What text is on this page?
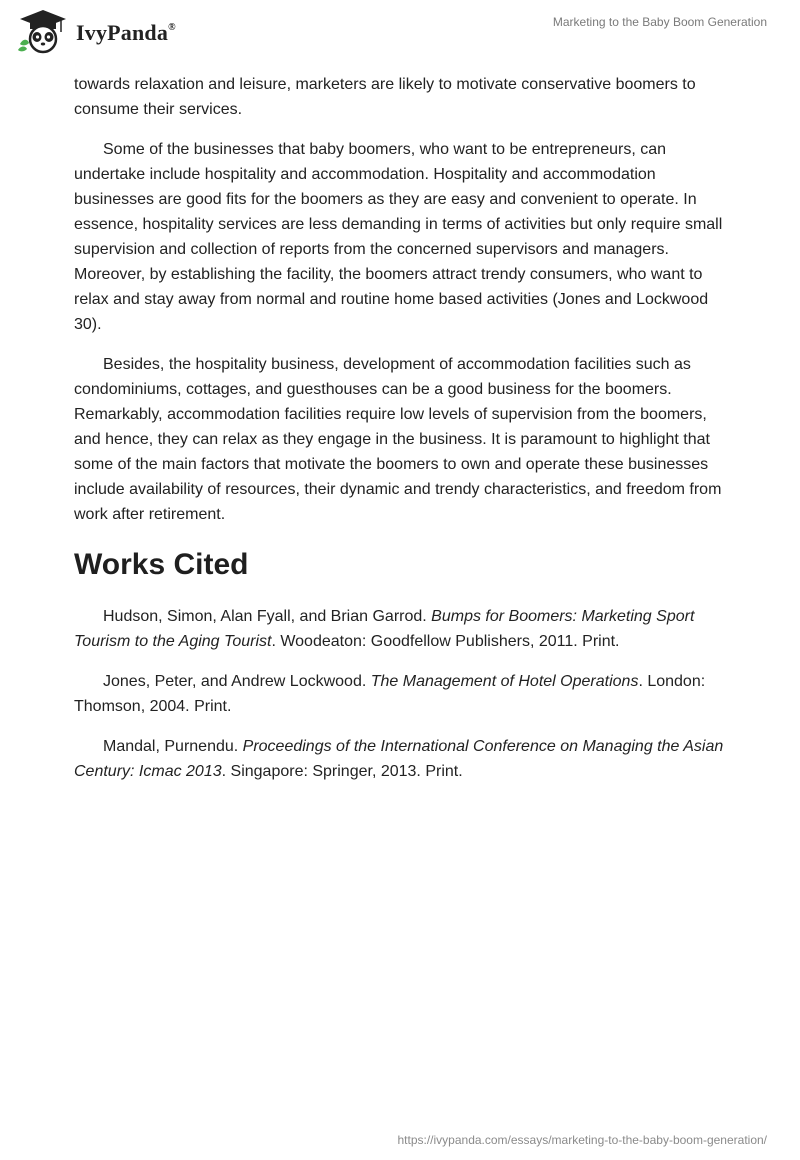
IvyPanda®	Marketing to the Baby Boom Generation

towards relaxation and leisure, marketers are likely to motivate conservative boomers to consume their services.

Some of the businesses that baby boomers, who want to be entrepreneurs, can undertake include hospitality and accommodation. Hospitality and accommodation businesses are good fits for the boomers as they are easy and convenient to operate. In essence, hospitality services are less demanding in terms of activities but only require small supervision and collection of reports from the concerned supervisors and managers. Moreover, by establishing the facility, the boomers attract trendy consumers, who want to relax and stay away from normal and routine home based activities (Jones and Lockwood 30).

Besides, the hospitality business, development of accommodation facilities such as condominiums, cottages, and guesthouses can be a good business for the boomers. Remarkably, accommodation facilities require low levels of supervision from the boomers, and hence, they can relax as they engage in the business. It is paramount to highlight that some of the main factors that motivate the boomers to own and operate these businesses include availability of resources, their dynamic and trendy characteristics, and freedom from work after retirement.

Works Cited

Hudson, Simon, Alan Fyall, and Brian Garrod. Bumps for Boomers: Marketing Sport Tourism to the Aging Tourist. Woodeaton: Goodfellow Publishers, 2011. Print.

Jones, Peter, and Andrew Lockwood. The Management of Hotel Operations. London: Thomson, 2004. Print.

Mandal, Purnendu. Proceedings of the International Conference on Managing the Asian Century: Icmac 2013. Singapore: Springer, 2013. Print.

https://ivypanda.com/essays/marketing-to-the-baby-boom-generation/
